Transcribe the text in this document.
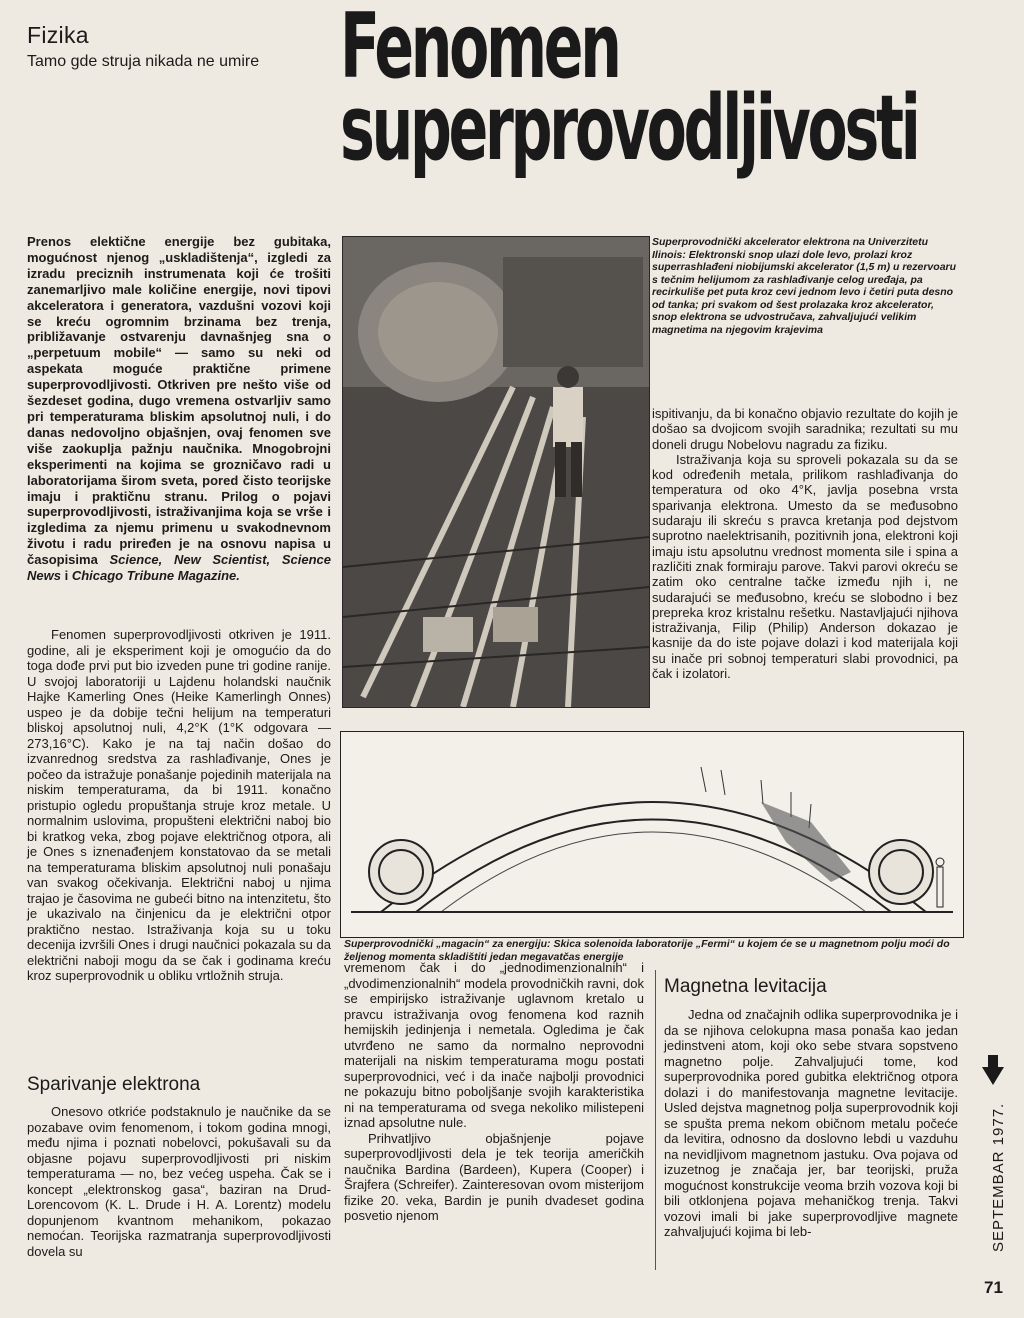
Fizika
Tamo gde struja nikada ne umire Fenomen
superprovodljivosti
Prenos elektične energije bez gubitaka, mogućnost njenog „uskladištenja“, izgledi za izradu preciznih instrumenata koji će trošiti zanemarljivo male količine energije, novi tipovi akceleratora i generatora, vazdušni vozovi koji se kreću ogromnim brzinama bez trenja, približavanje ostvarenju davnašnjeg sna o „perpetuum mobile“ — samo su neki od aspekata moguće praktične primene superprovodljivosti. Otkriven pre nešto više od šezdeset godina, dugo vremena ostvarljiv samo pri temperaturama bliskim apsolutnoj nuli, i do danas nedovoljno objašnjen, ovaj fenomen sve više zaokuplja pažnju naučnika. Mnogobrojni eksperimenti na kojima se grozničavo radi u laboratorijama širom sveta, pored čisto teorijske imaju i praktičnu stranu. Prilog o pojavi superprovodljivosti, istraživanjima koja se vrše i izgledima za njemu primenu u svakodnevnom životu i radu priređen je na osnovu napisa u časopisima Science, New Scientist, Science News i Chicago Tribune Magazine.

Fenomen superprovodljivosti otkriven je 1911. godine, ali je eksperiment koji je omogućio da do toga dođe prvi put bio izveden pune tri godine ranije. U svojoj laboratoriji u Lajdenu holandski naučnik Hajke Kamerling Ones (Heike Kamerlingh Onnes) uspeo je da dobije tečni helijum na temperaturi bliskoj apsolutnoj nuli, 4,2°K (1°K odgovara — 273,16°C). Kako je na taj način došao do izvanrednog sredstva za rashlađivanje, Ones je počeo da istražuje ponašanje pojedinih materijala na niskim temperaturama, da bi 1911. konačno pristupio ogledu propuštanja struje kroz metale. U normalnim uslovima, propušteni električni naboj bio bi kratkog veka, zbog pojave električnog otpora, ali je Ones s iznenađenjem konstatovao da se metali na temperaturama bliskim apsolutnoj nuli ponašaju van svakog očekivanja. Električni naboj u njima trajao je časovima ne gubeći bitno na intenzitetu, što je ukazivalo na činjenicu da je električni otpor praktično nestao. Istraživanja koja su u toku decenija izvršili Ones i drugi naučnici pokazala su da električni naboji mogu da se čak i godinama kreću kroz superprovodnik u obliku vrtložnih struja.

Sparivanje elektrona

Onesovo otkriće podstaknulo je naučnike da se pozabave ovim fenomenom, i tokom godina mnogi, među njima i poznati nobelovci, pokušavali su da objasne pojavu superprovodljivosti pri niskim temperaturama — no, bez većeg uspeha. Čak se i koncept „elektronskog gasa“, baziran na Drud-Lorencovom (K. L. Drude i H. A. Lorentz) modelu dopunjenom kvantnom mehanikom, pokazao nemoćan. Teorijska razmatranja superprovodljivosti dovela su

Superprovodnički akcelerator elektrona na Univerzitetu Ilinois: Elektronski snop ulazi dole levo, prolazi kroz superrashlađeni niobijumski akcelerator (1,5 m) u rezervoaru s tečnim helijumom za rashlađivanje celog uređaja, pa recirkuliše pet puta kroz cevi jednom levo i četiri puta desno od tanka; pri svakom od šest prolazaka kroz akcelerator, snop elektrona se udvostručava, zahvaljujući velikim magnetima na njegovim krajevima

ispitivanju, da bi konačno objavio rezultate do kojih je došao sa dvojicom svojih saradnika; rezultati su mu doneli drugu Nobelovu nagradu za fiziku.

Istraživanja koja su sproveli pokazala su da se kod određenih metala, prilikom rashlađivanja do temperatura od oko 4°K, javlja posebna vrsta sparivanja elektrona. Umesto da se međusobno sudaraju ili skreću s pravca kretanja pod dejstvom suprotno naelektrisanih, pozitivnih jona, elektroni koji imaju istu apsolutnu vrednost momenta sile i spina a različiti znak formiraju parove. Takvi parovi okreću se zatim oko centralne tačke između njih i, ne sudarajući se međusobno, kreću se slobodno i bez prepreka kroz kristalnu rešetku. Nastavljajući njihova istraživanja, Filip (Philip) Anderson dokazao je kasnije da do iste pojave dolazi i kod materijala koji su inače pri sobnoj temperaturi slabi provodnici, pa čak i izolatori.

Superprovodnički „magacin“ za energiju: Skica solenoida laboratorije „Fermi“ u kojem će se u magnetnom polju moći do željenog momenta skladištiti jedan megavatčas energije

vremenom čak i do „jednodimenzionalnih“ i „dvodimenzionalnih“ modela provodničkih ravni, dok se empirijsko istraživanje uglavnom kretalo u pravcu istraživanja ovog fenomena kod raznih hemijskih jedinjenja i nemetala. Ogledima je čak utvrđeno ne samo da normalno neprovodni materijali na niskim temperaturama mogu postati superprovodnici, već i da inače najbolji provodnici ne pokazuju bitno poboljšanje svojih karakteristika ni na temperaturama od svega nekoliko milistepeni iznad apsolutne nule.

Prihvatljivo objašnjenje pojave superprovodljivosti dela je tek teorija američkih naučnika Bardina (Bardeen), Kupera (Cooper) i Šrajfera (Schreifer). Zainteresovan ovom misterijom fizike 20. veka, Bardin je punih dvadeset godina posvetio njenom

Magnetna levitacija

Jedna od značajnih odlika superprovodnika je i da se njihova celokupna masa ponaša kao jedan jedinstveni atom, koji oko sebe stvara sopstveno magnetno polje. Zahvaljujući tome, kod superprovodnika pored gubitka električnog otpora dolazi i do manifestovanja magnetne levitacije. Usled dejstva magnetnog polja superprovodnik koji se spušta prema nekom običnom metalu počeće da levitira, odnosno da doslovno lebdi u vazduhu na nevidljivom magnetnom jastuku. Ova pojava od izuzetnog je značaja jer, bar teorijski, pruža mogućnost konstrukcije veoma brzih vozova koji bi bili otklonjena pojava mehaničkog trenja. Takvi vozovi imali bi jake superprovodljive magnete zahvaljujući kojima bi leb-	SEPTEMBAR 1977.
71
